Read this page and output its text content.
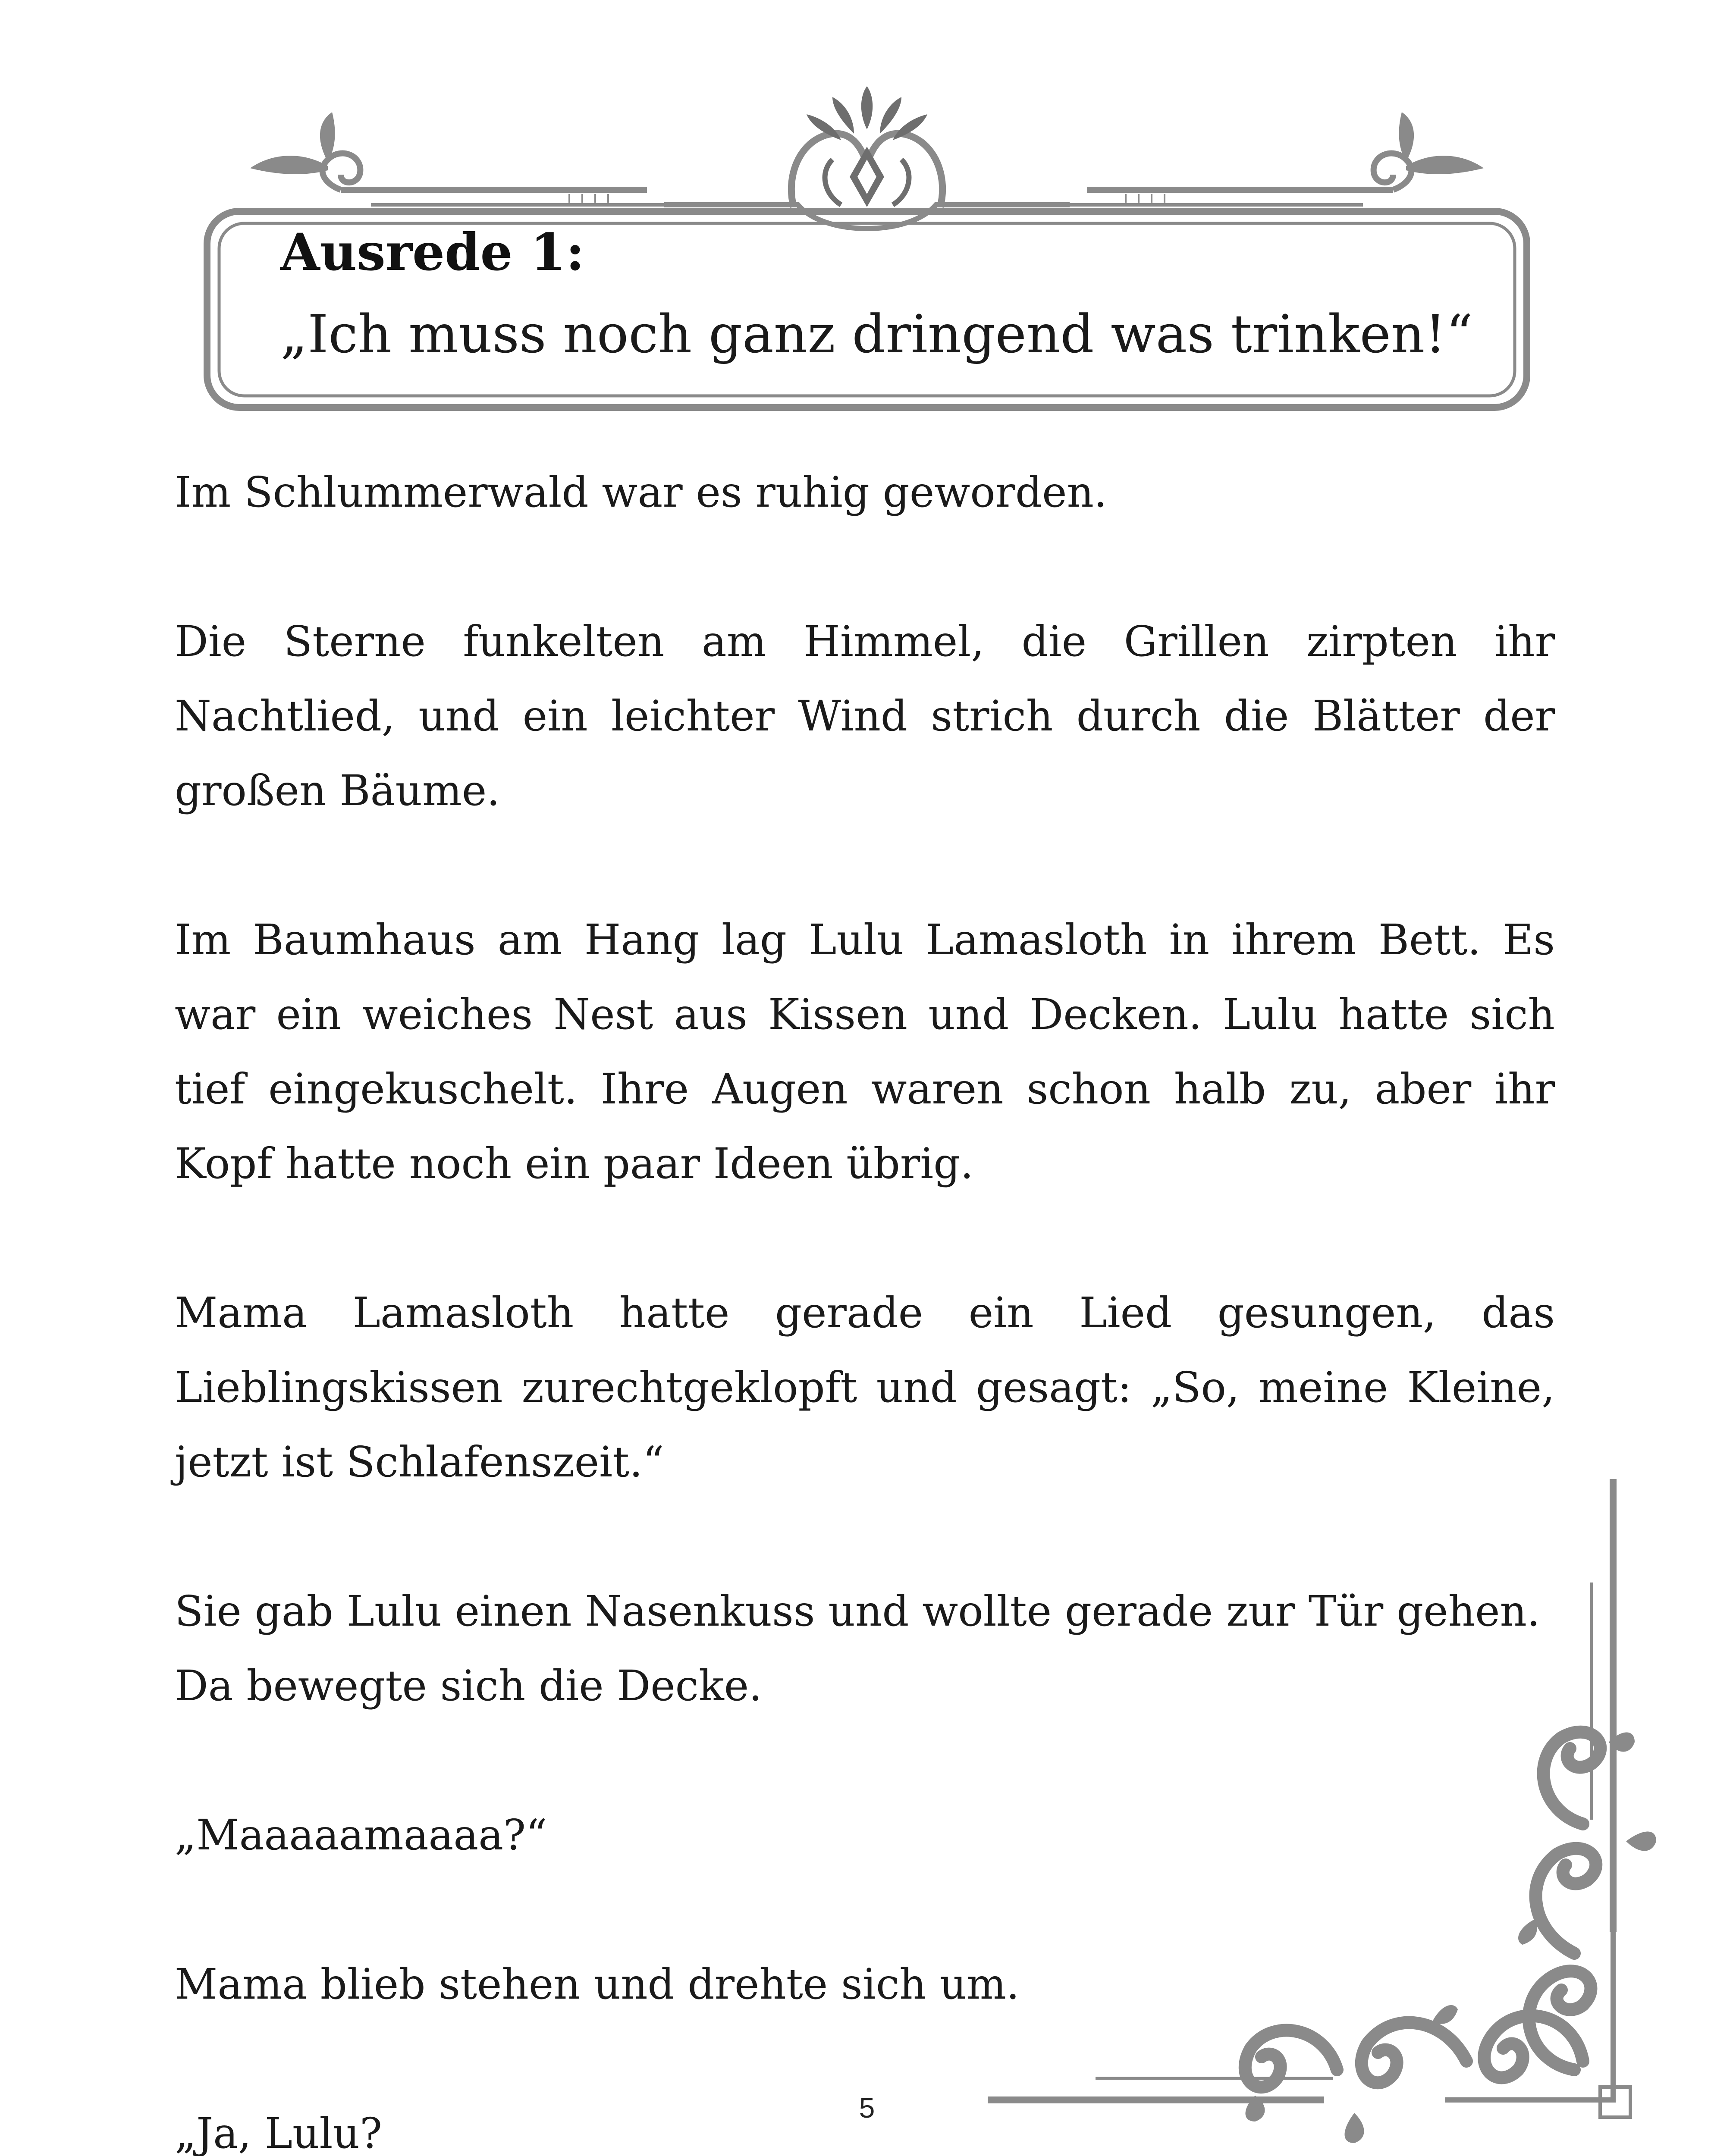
Ausrede 1:
„Ich muss noch ganz dringend was trinken!“

Im Schlummerwald war es ruhig geworden.

Die Sterne funkelten am Himmel, die Grillen zirpten ihr Nachtlied, und ein leichter Wind strich durch die Blätter der großen Bäume.

Im Baumhaus am Hang lag Lulu Lamasloth in ihrem Bett. Es war ein weiches Nest aus Kissen und Decken. Lulu hatte sich tief eingekuschelt. Ihre Augen waren schon halb zu, aber ihr Kopf hatte noch ein paar Ideen übrig.

Mama Lamasloth hatte gerade ein Lied gesungen, das Lieblingskissen zurechtgeklopft und gesagt: „So, meine Kleine, jetzt ist Schlafenszeit.“

Sie gab Lulu einen Nasenkuss und wollte gerade zur Tür gehen.
Da bewegte sich die Decke.

„Maaaaamaaaa?“

Mama blieb stehen und drehte sich um.

„Ja, Lulu?

5
